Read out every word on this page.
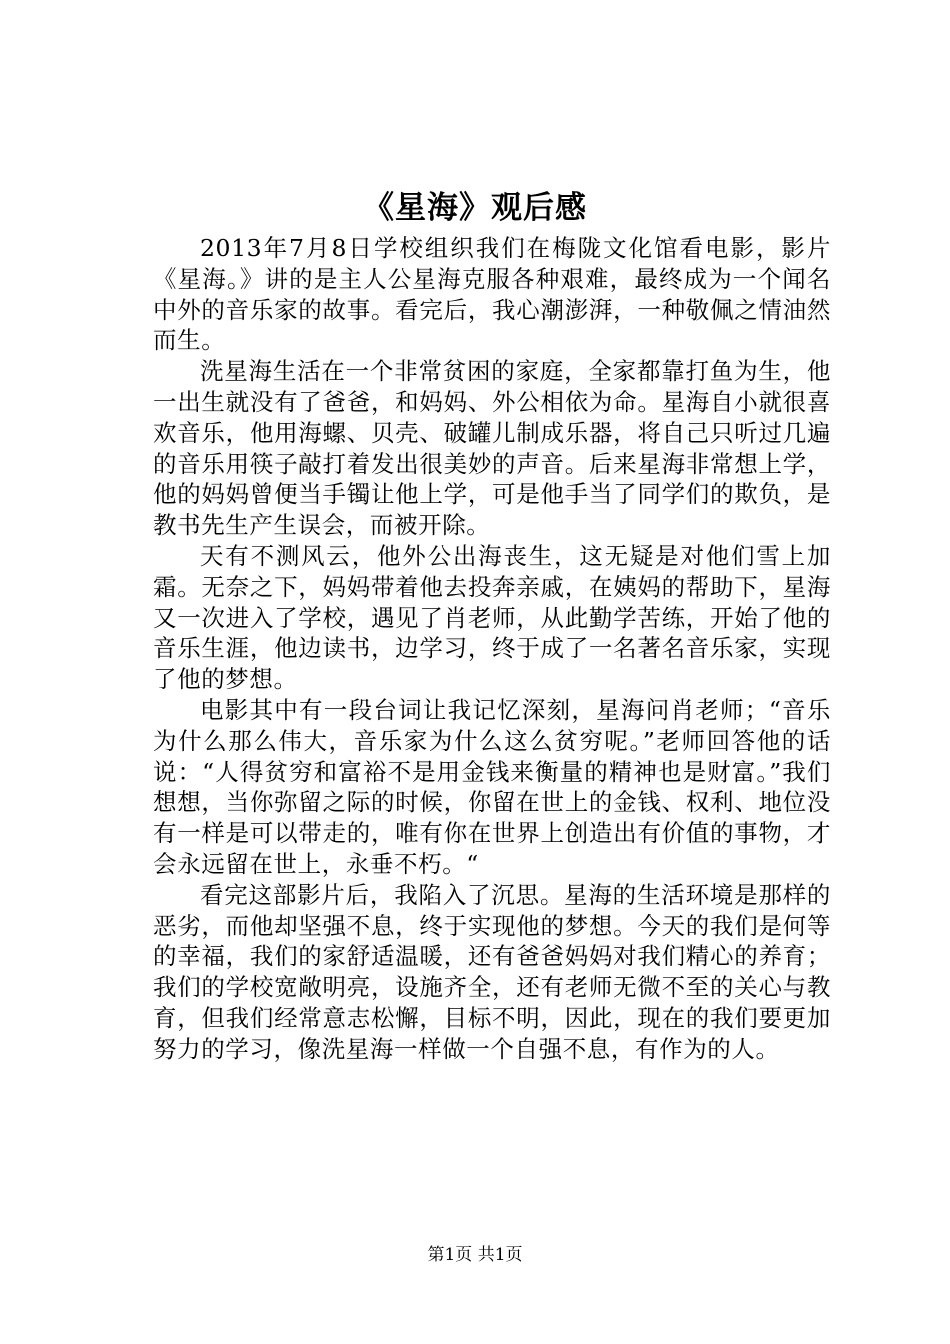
《星海》观后感

2013年7月8日学校组织我们在梅陇文化馆看电影，影片《星海。》讲的是主人公星海克服各种艰难，最终成为一个闻名中外的音乐家的故事。看完后，我心潮澎湃，一种敬佩之情油然而生。

洗星海生活在一个非常贫困的家庭，全家都靠打鱼为生，他一出生就没有了爸爸，和妈妈、外公相依为命。星海自小就很喜欢音乐，他用海螺、贝壳、破罐儿制成乐器，将自己只听过几遍的音乐用筷子敲打着发出很美妙的声音。后来星海非常想上学，他的妈妈曾便当手镯让他上学，可是他手当了同学们的欺负，是教书先生产生误会，而被开除。

天有不测风云，他外公出海丧生，这无疑是对他们雪上加霜。无奈之下，妈妈带着他去投奔亲戚，在姨妈的帮助下，星海又一次进入了学校，遇见了肖老师，从此勤学苦练，开始了他的音乐生涯，他边读书，边学习，终于成了一名著名音乐家，实现了他的梦想。

电影其中有一段台词让我记忆深刻，星海问肖老师；“音乐为什么那么伟大，音乐家为什么这么贫穷呢。”老师回答他的话说：“人得贫穷和富裕不是用金钱来衡量的精神也是财富。”我们想想，当你弥留之际的时候，你留在世上的金钱、权利、地位没有一样是可以带走的，唯有你在世界上创造出有价值的事物，才会永远留在世上，永垂不朽。“

看完这部影片后，我陷入了沉思。星海的生活环境是那样的恶劣，而他却坚强不息，终于实现他的梦想。今天的我们是何等的幸福，我们的家舒适温暖，还有爸爸妈妈对我们精心的养育；我们的学校宽敞明亮，设施齐全，还有老师无微不至的关心与教育，但我们经常意志松懈，目标不明，因此，现在的我们要更加努力的学习，像洗星海一样做一个自强不息，有作为的人。

第1页 共1页
